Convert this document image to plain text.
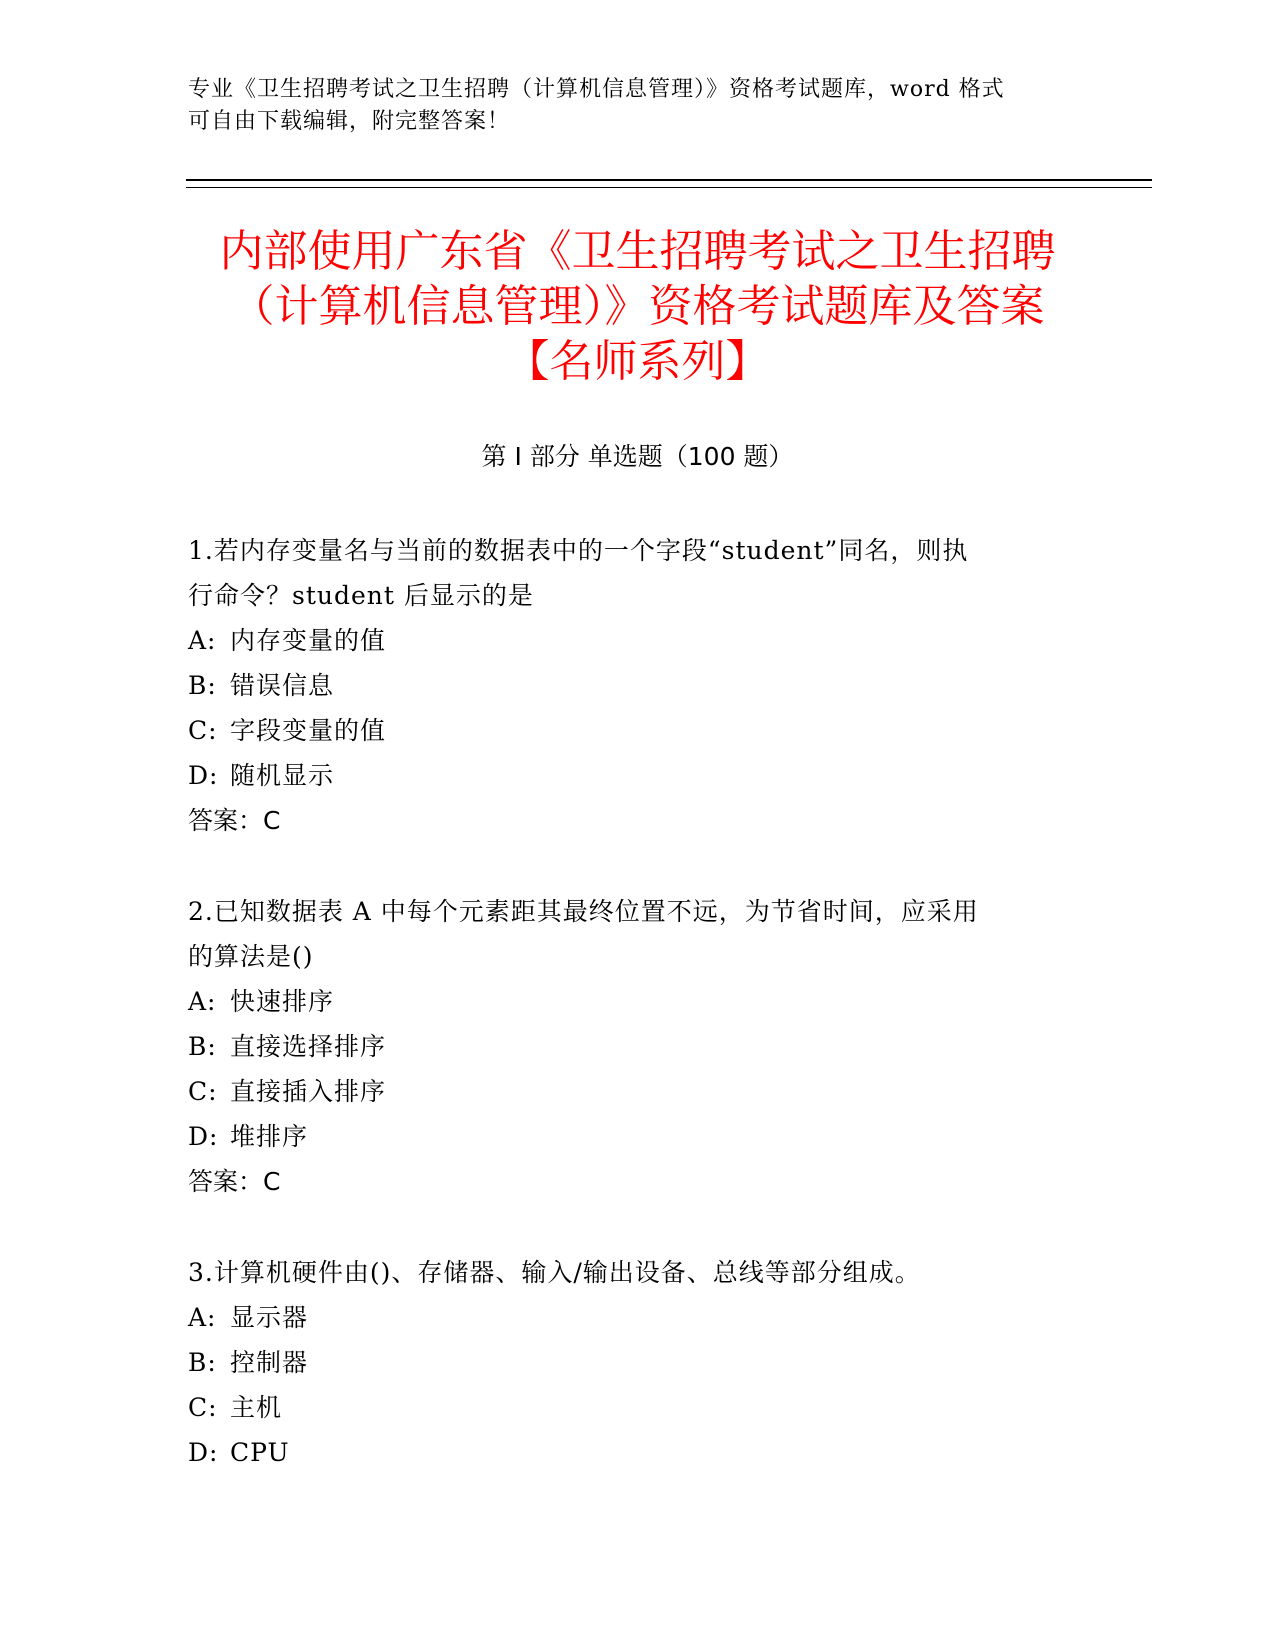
专业《卫生招聘考试之卫生招聘（计算机信息管理）》资格考试题库，word 格式
可自由下载编辑，附完整答案！
内部使用广东省《卫生招聘考试之卫生招聘
（计算机信息管理）》资格考试题库及答案
【名师系列】
第 I 部分 单选题（100 题）
1.若内存变量名与当前的数据表中的一个字段“student”同名，则执
行命令？student 后显示的是
A: 内存变量的值
B: 错误信息
C: 字段变量的值
D: 随机显示
答案：C
2.已知数据表 A 中每个元素距其最终位置不远，为节省时间，应采用
的算法是()
A: 快速排序
B: 直接选择排序
C: 直接插入排序
D: 堆排序
答案：C
3.计算机硬件由()、存储器、输入/输出设备、总线等部分组成。
A: 显示器
B: 控制器
C: 主机
D: CPU
